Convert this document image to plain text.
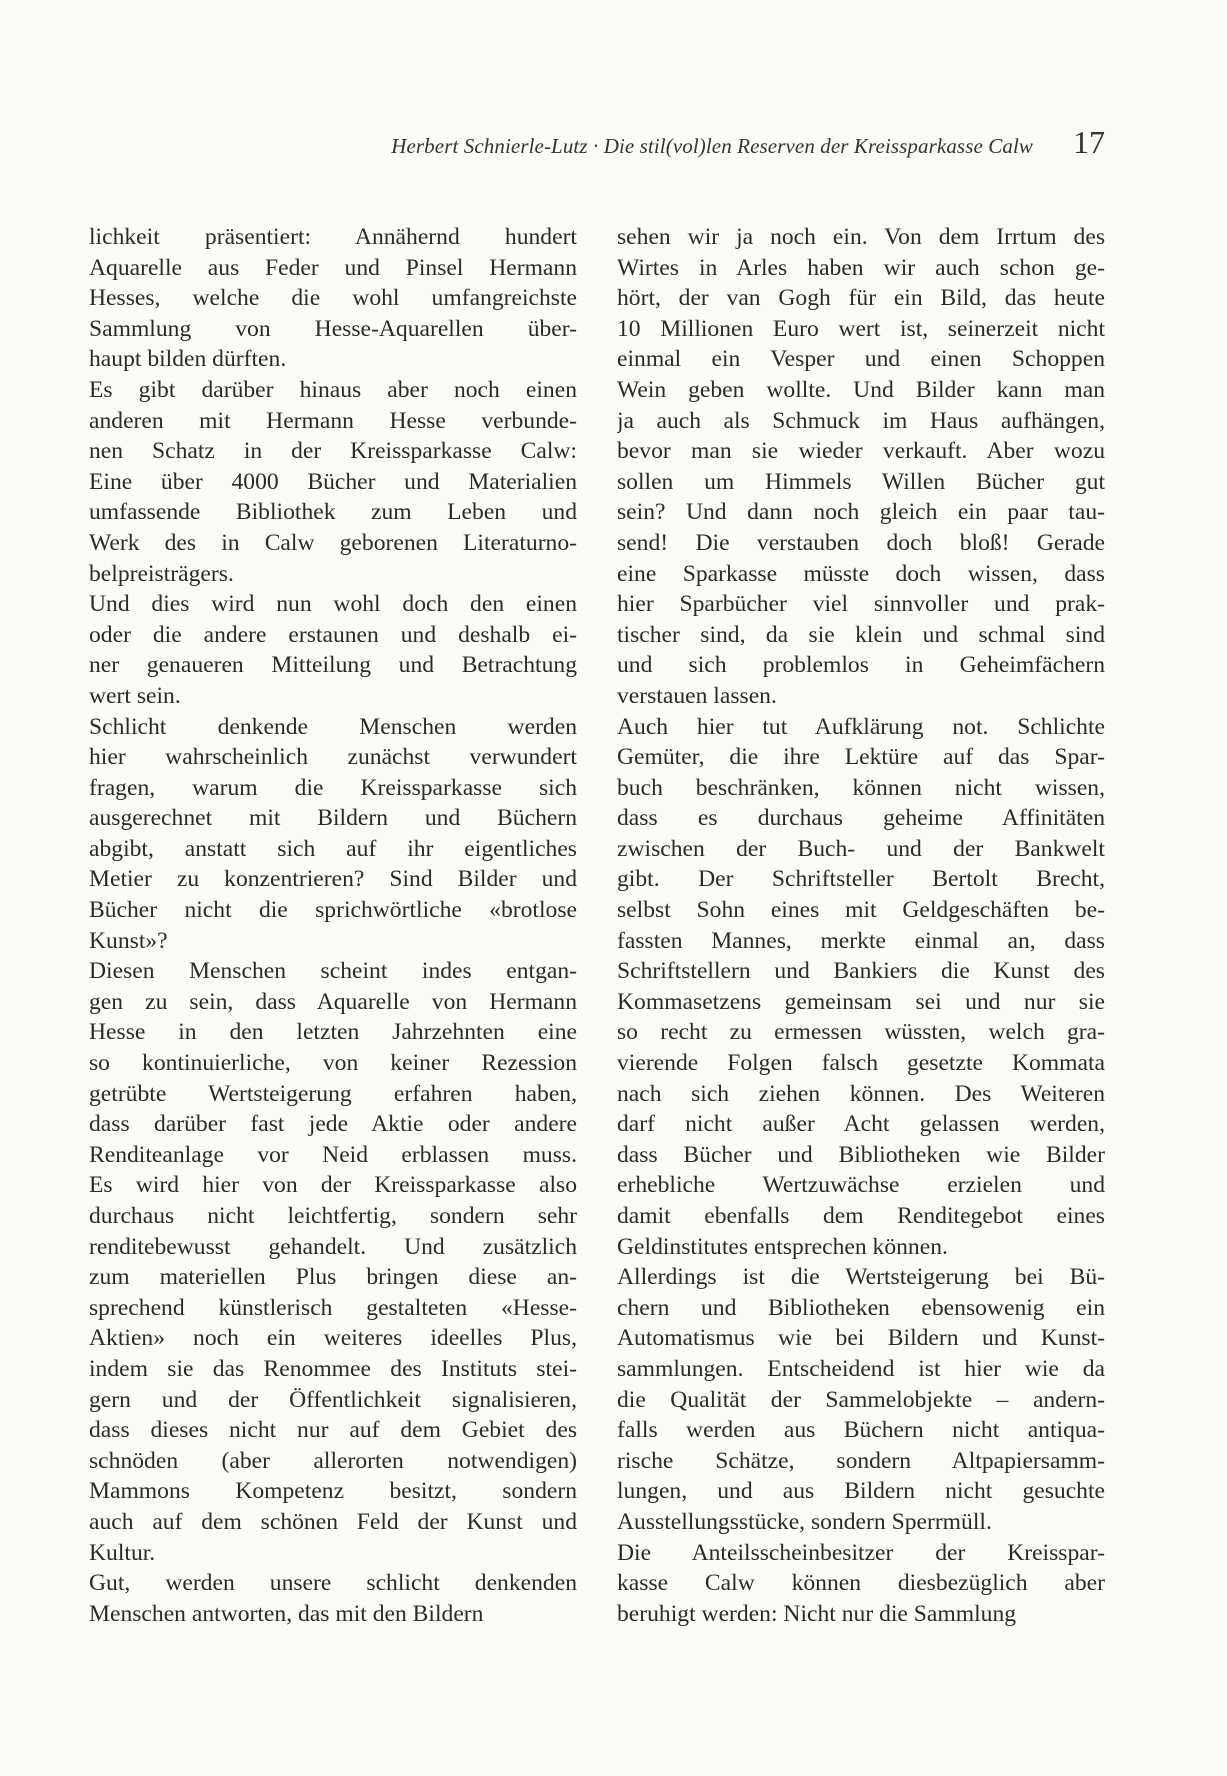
Herbert Schnierle-Lutz · Die stil(vol)len Reserven der Kreissparkasse Calw 17
lichkeit präsentiert: Annähernd hundert
Aquarelle aus Feder und Pinsel Hermann
Hesses, welche die wohl umfangreichste
Sammlung von Hesse-Aquarellen über-
haupt bilden dürften.
Es gibt darüber hinaus aber noch einen
anderen mit Hermann Hesse verbunde-
nen Schatz in der Kreissparkasse Calw:
Eine über 4000 Bücher und Materialien
umfassende Bibliothek zum Leben und
Werk des in Calw geborenen Literaturno-
belpreisträgers.
Und dies wird nun wohl doch den einen
oder die andere erstaunen und deshalb ei-
ner genaueren Mitteilung und Betrachtung
wert sein.
Schlicht denkende Menschen werden
hier wahrscheinlich zunächst verwundert
fragen, warum die Kreissparkasse sich
ausgerechnet mit Bildern und Büchern
abgibt, anstatt sich auf ihr eigentliches
Metier zu konzentrieren? Sind Bilder und
Bücher nicht die sprichwörtliche «brotlose
Kunst»?
Diesen Menschen scheint indes entgan-
gen zu sein, dass Aquarelle von Hermann
Hesse in den letzten Jahrzehnten eine
so kontinuierliche, von keiner Rezession
getrübte Wertsteigerung erfahren haben,
dass darüber fast jede Aktie oder andere
Renditeanlage vor Neid erblassen muss.
Es wird hier von der Kreissparkasse also
durchaus nicht leichtfertig, sondern sehr
renditebewusst gehandelt. Und zusätzlich
zum materiellen Plus bringen diese an-
sprechend künstlerisch gestalteten «Hesse-
Aktien» noch ein weiteres ideelles Plus,
indem sie das Renommee des Instituts stei-
gern und der Öffentlichkeit signalisieren,
dass dieses nicht nur auf dem Gebiet des
schnöden (aber allerorten notwendigen)
Mammons Kompetenz besitzt, sondern
auch auf dem schönen Feld der Kunst und
Kultur.
Gut, werden unsere schlicht denkenden
Menschen antworten, das mit den Bildern
sehen wir ja noch ein. Von dem Irrtum des
Wirtes in Arles haben wir auch schon ge-
hört, der van Gogh für ein Bild, das heute
10 Millionen Euro wert ist, seinerzeit nicht
einmal ein Vesper und einen Schoppen
Wein geben wollte. Und Bilder kann man
ja auch als Schmuck im Haus aufhängen,
bevor man sie wieder verkauft. Aber wozu
sollen um Himmels Willen Bücher gut
sein? Und dann noch gleich ein paar tau-
send! Die verstauben doch bloß! Gerade
eine Sparkasse müsste doch wissen, dass
hier Sparbücher viel sinnvoller und prak-
tischer sind, da sie klein und schmal sind
und sich problemlos in Geheimfächern
verstauen lassen.
Auch hier tut Aufklärung not. Schlichte
Gemüter, die ihre Lektüre auf das Spar-
buch beschränken, können nicht wissen,
dass es durchaus geheime Affinitäten
zwischen der Buch- und der Bankwelt
gibt. Der Schriftsteller Bertolt Brecht,
selbst Sohn eines mit Geldgeschäften be-
fassten Mannes, merkte einmal an, dass
Schriftstellern und Bankiers die Kunst des
Kommasetzens gemeinsam sei und nur sie
so recht zu ermessen wüssten, welch gra-
vierende Folgen falsch gesetzte Kommata
nach sich ziehen können. Des Weiteren
darf nicht außer Acht gelassen werden,
dass Bücher und Bibliotheken wie Bilder
erhebliche Wertzuwächse erzielen und
damit ebenfalls dem Renditegebot eines
Geldinstitutes entsprechen können.
Allerdings ist die Wertsteigerung bei Bü-
chern und Bibliotheken ebensowenig ein
Automatismus wie bei Bildern und Kunst-
sammlungen. Entscheidend ist hier wie da
die Qualität der Sammelobjekte – andern-
falls werden aus Büchern nicht antiqua-
rische Schätze, sondern Altpapiersamm-
lungen, und aus Bildern nicht gesuchte
Ausstellungsstücke, sondern Sperrmüll.
Die Anteilsscheinbesitzer der Kreisspar-
kasse Calw können diesbezüglich aber
beruhigt werden: Nicht nur die Sammlung
